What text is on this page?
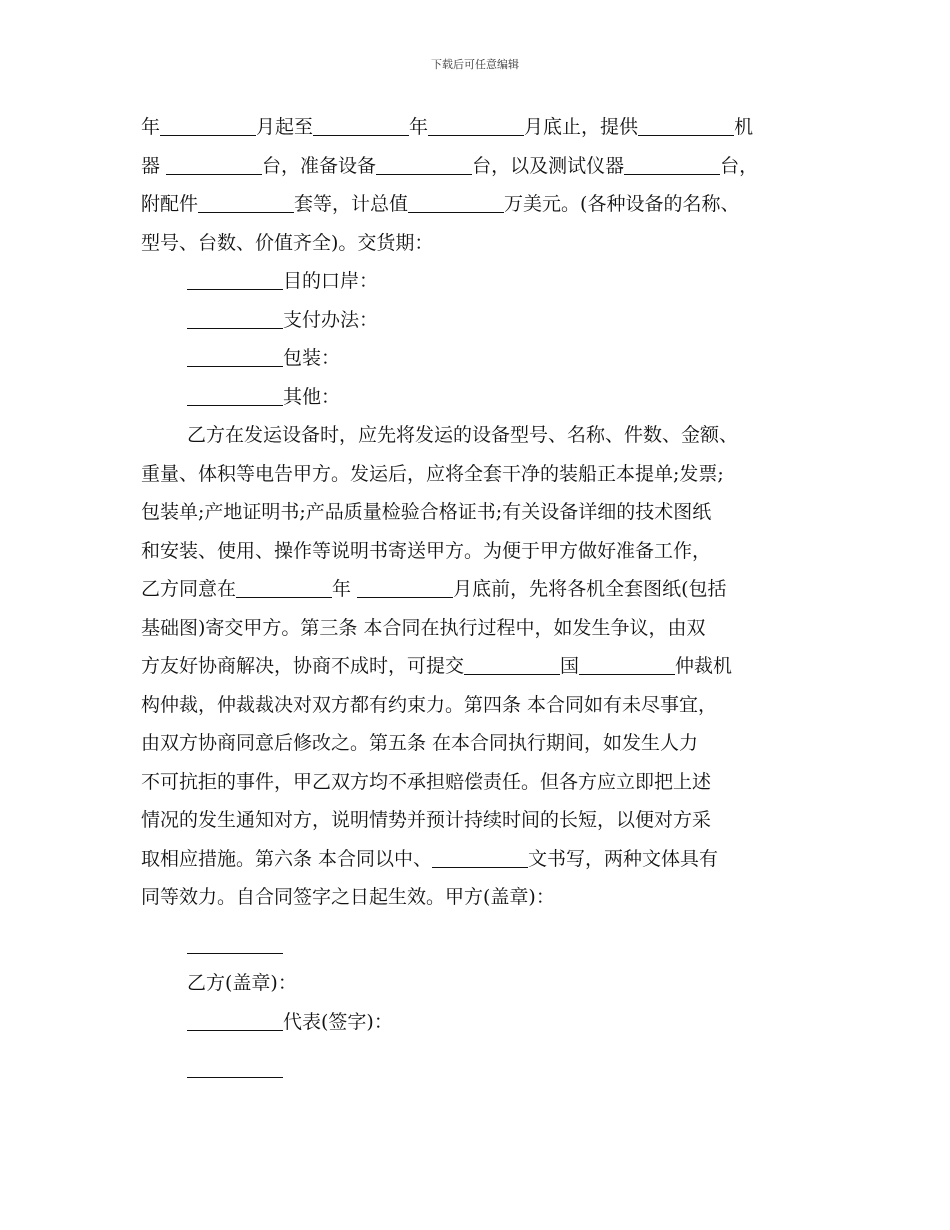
下载后可任意编辑
年	月起至	年	月底止，提供	机
器	台，准备设备	台，以及测试仪器	台，
附配件	套等，计总值	万美元。(各种设备的名称、
型号、台数、价值齐全)。交货期：
目的口岸：
支付办法：
包装：
其他：
乙方在发运设备时，应先将发运的设备型号、名称、件数、金额、
重量、体积等电告甲方。发运后，应将全套干净的装船正本提单;发票;
包装单;产地证明书;产品质量检验合格证书;有关设备详细的技术图纸
和安装、使用、操作等说明书寄送甲方。为便于甲方做好准备工作，
乙方同意在	年	月底前，先将各机全套图纸(包括
基础图)寄交甲方。第三条 本合同在执行过程中，如发生争议，由双
方友好协商解决，协商不成时，可提交	国	仲裁机
构仲裁，仲裁裁决对双方都有约束力。第四条 本合同如有未尽事宜，
由双方协商同意后修改之。第五条 在本合同执行期间，如发生人力
不可抗拒的事件，甲乙双方均不承担赔偿责任。但各方应立即把上述
情况的发生通知对方，说明情势并预计持续时间的长短，以便对方采
取相应措施。第六条 本合同以中、	文书写，两种文体具有
同等效力。自合同签字之日起生效。甲方(盖章)：
乙方(盖章)：
代表(签字)：
